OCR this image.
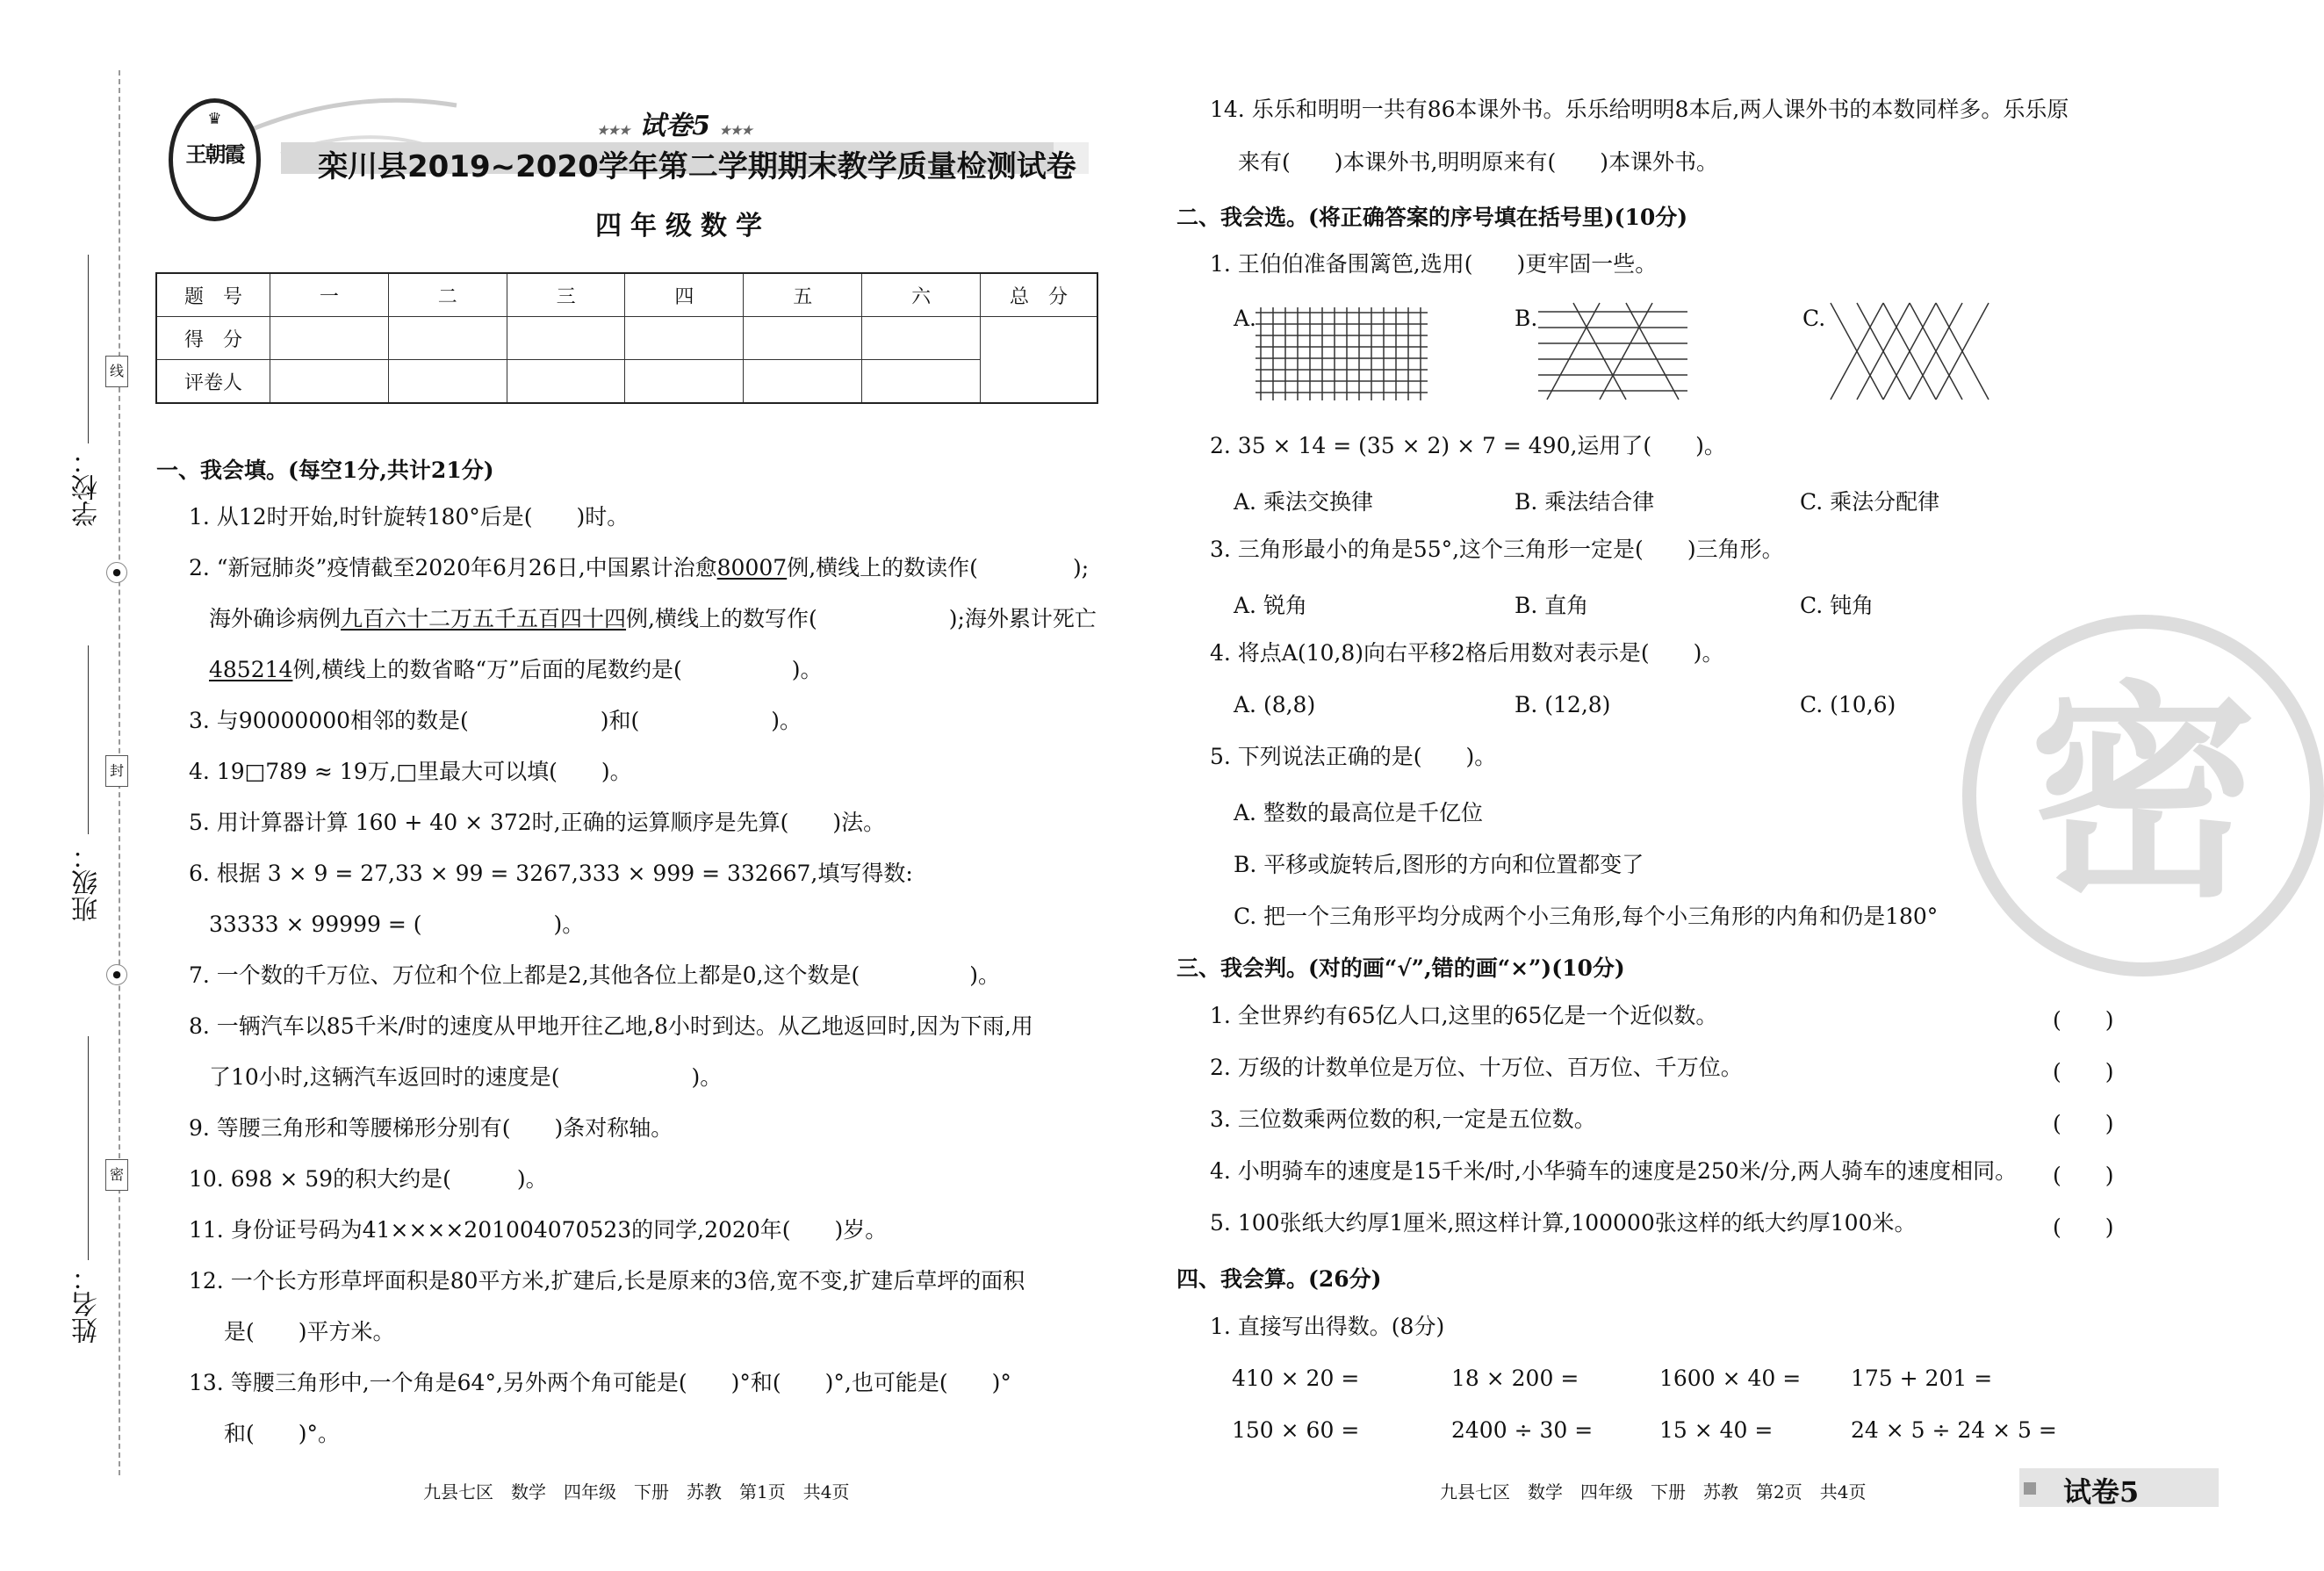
学校：
班级：
姓名：
线
封
密
●
●
♛
王朝霞
★★★ 试卷5 ★★★
栾川县2019~2020学年第二学期期末教学质量检测试卷
四年级数学
题　号	一	二	三	四	五	六	总　分
得　分							
评卷人							
一、我会填。(每空1分,共计21分)
1. 从12时开始,时针旋转180°后是(　　)时。
2. “新冠肺炎”疫情截至2020年6月26日,中国累计治愈80007例,横线上的数读作(	);
海外确诊病例九百六十二万五千五百四十四例,横线上的数写作(　　　　　　);海外累计死亡
485214例,横线上的数省略“万”后面的尾数约是(　　　　　)。
3. 与90000000相邻的数是(　　　　　　)和(　　　　　　)。
4. 19□789 ≈ 19万,□里最大可以填(　　)。
5. 用计算器计算 160 + 40 × 372时,正确的运算顺序是先算(　　)法。
6. 根据 3 × 9 = 27,33 × 99 = 3267,333 × 999 = 332667,填写得数:
33333 × 99999 = (　　　　　　)。
7. 一个数的千万位、万位和个位上都是2,其他各位上都是0,这个数是(　　　　　)。
8. 一辆汽车以85千米/时的速度从甲地开往乙地,8小时到达。从乙地返回时,因为下雨,用
了10小时,这辆汽车返回时的速度是(　　　　　　)。
9. 等腰三角形和等腰梯形分别有(　　)条对称轴。
10. 698 × 59的积大约是(　　　)。
11. 身份证号码为41××××201004070523的同学,2020年(　　)岁。
12. 一个长方形草坪面积是80平方米,扩建后,长是原来的3倍,宽不变,扩建后草坪的面积
是(　　)平方米。
13. 等腰三角形中,一个角是64°,另外两个角可能是(　　)°和(　　)°,也可能是(　　)°
和(　　)°。
九县七区　数学　四年级　下册　苏教　第1页　共4页
密
14. 乐乐和明明一共有86本课外书。乐乐给明明8本后,两人课外书的本数同样多。乐乐原
来有(　　)本课外书,明明原来有(　　)本课外书。
二、我会选。(将正确答案的序号填在括号里)(10分)
1. 王伯伯准备围篱笆,选用(　　)更牢固一些。
A.	B.	C.
2. 35 × 14 = (35 × 2) × 7 = 490,运用了(　　)。
A. 乘法交换律	B. 乘法结合律	C. 乘法分配律
3. 三角形最小的角是55°,这个三角形一定是(　　)三角形。
A. 锐角	B. 直角	C. 钝角
4. 将点A(10,8)向右平移2格后用数对表示是(　　)。
A. (8,8)	B. (12,8)	C. (10,6)
5. 下列说法正确的是(　　)。
A. 整数的最高位是千亿位
B. 平移或旋转后,图形的方向和位置都变了
C. 把一个三角形平均分成两个小三角形,每个小三角形的内角和仍是180°
三、我会判。(对的画“√”,错的画“×”)(10分)
1. 全世界约有65亿人口,这里的65亿是一个近似数。	(　　)
2. 万级的计数单位是万位、十万位、百万位、千万位。	(　　)
3. 三位数乘两位数的积,一定是五位数。	(　　)
4. 小明骑车的速度是15千米/时,小华骑车的速度是250米/分,两人骑车的速度相同。 (　　)
5. 100张纸大约厚1厘米,照这样计算,100000张这样的纸大约厚100米。	(　　)
四、我会算。(26分)
1. 直接写出得数。(8分)
410 × 20 =	18 × 200 =	1600 × 40 = 175 + 201 =
150 × 60 =	2400 ÷ 30 =	15 × 40 =	24 × 5 ÷ 24 × 5 =
九县七区　数学　四年级　下册　苏教　第2页　共4页	试卷5
